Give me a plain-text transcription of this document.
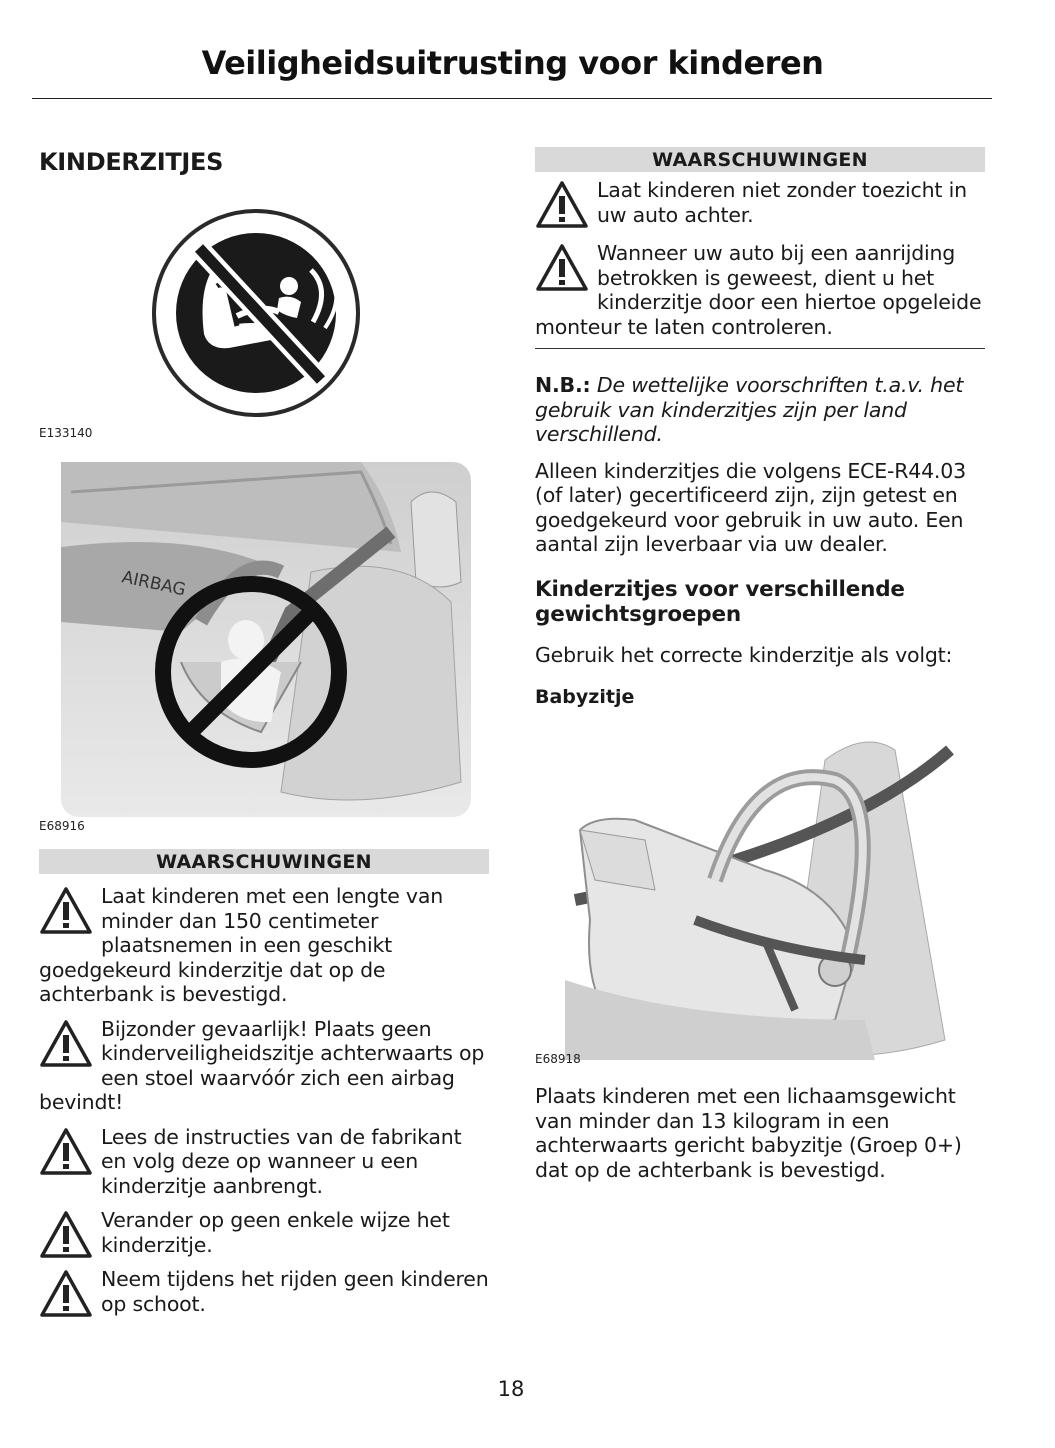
Veiligheidsuitrusting voor kinderen
KINDERZITJES
E133140
AIRBAG
E68916
WAARSCHUWINGEN
Laat kinderen met een lengte van minder dan 150 centimeter plaatsnemen in een geschikt goedgekeurd kinderzitje dat op de achterbank is bevestigd.
Bijzonder gevaarlijk! Plaats geen kinderveiligheidszitje achterwaarts op een stoel waarvóór zich een airbag bevindt!
Lees de instructies van de fabrikant en volg deze op wanneer u een kinderzitje aanbrengt.
Verander op geen enkele wijze het kinderzitje.
Neem tijdens het rijden geen kinderen op schoot.
WAARSCHUWINGEN
Laat kinderen niet zonder toezicht in uw auto achter.
Wanneer uw auto bij een aanrijding betrokken is geweest, dient u het kinderzitje door een hiertoe opgeleide monteur te laten controleren.

N.B.: De wettelijke voorschriften t.a.v. het gebruik van kinderzitjes zijn per land verschillend.

Alleen kinderzitjes die volgens ECE-R44.03 (of later) gecertificeerd zijn, zijn getest en goedgekeurd voor gebruik in uw auto. Een aantal zijn leverbaar via uw dealer.

Kinderzitjes voor verschillende gewichtsgroepen

Gebruik het correcte kinderzitje als volgt:

Babyzitje

E68918

Plaats kinderen met een lichaamsgewicht van minder dan 13 kilogram in een achterwaarts gericht babyzitje (Groep 0+) dat op de achterbank is bevestigd.

18
